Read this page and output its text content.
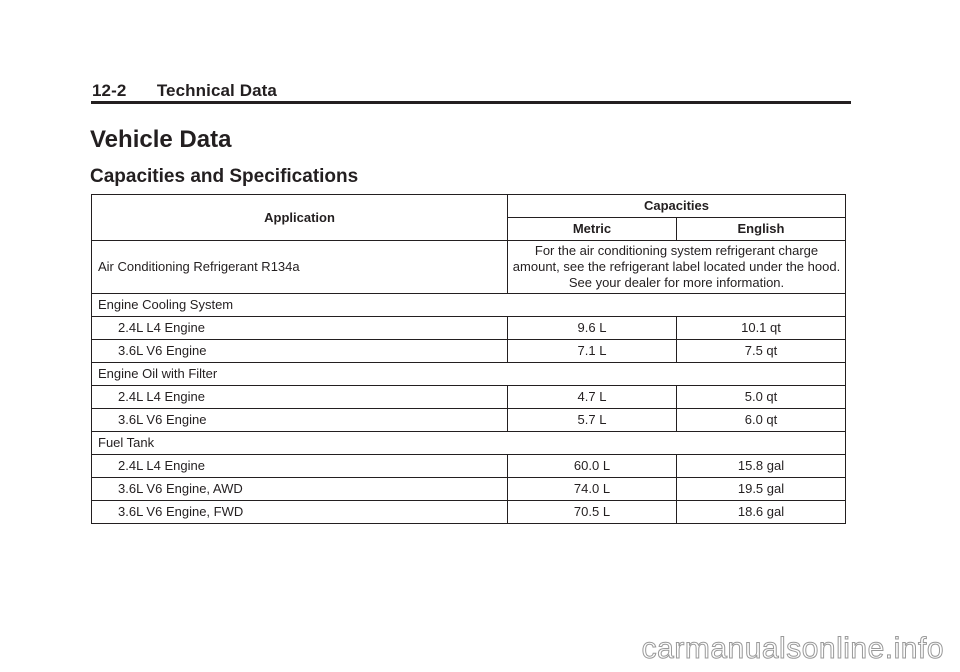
12-2 Technical Data
Vehicle Data
Capacities and Specifications
Application	Capacities	
	Metric	English
Air Conditioning Refrigerant R134a	For the air conditioning system refrigerant charge amount, see the refrigerant label located under the hood. See your dealer for more information.	
Engine Cooling System		
2.4L L4 Engine	9.6 L	10.1 qt
3.6L V6 Engine	7.1 L	7.5 qt
Engine Oil with Filter		
2.4L L4 Engine	4.7 L	5.0 qt
3.6L V6 Engine	5.7 L	6.0 qt
Fuel Tank		
2.4L L4 Engine	60.0 L	15.8 gal
3.6L V6 Engine, AWD	74.0 L	19.5 gal
3.6L V6 Engine, FWD	70.5 L	18.6 gal
carmanualsonline.info
